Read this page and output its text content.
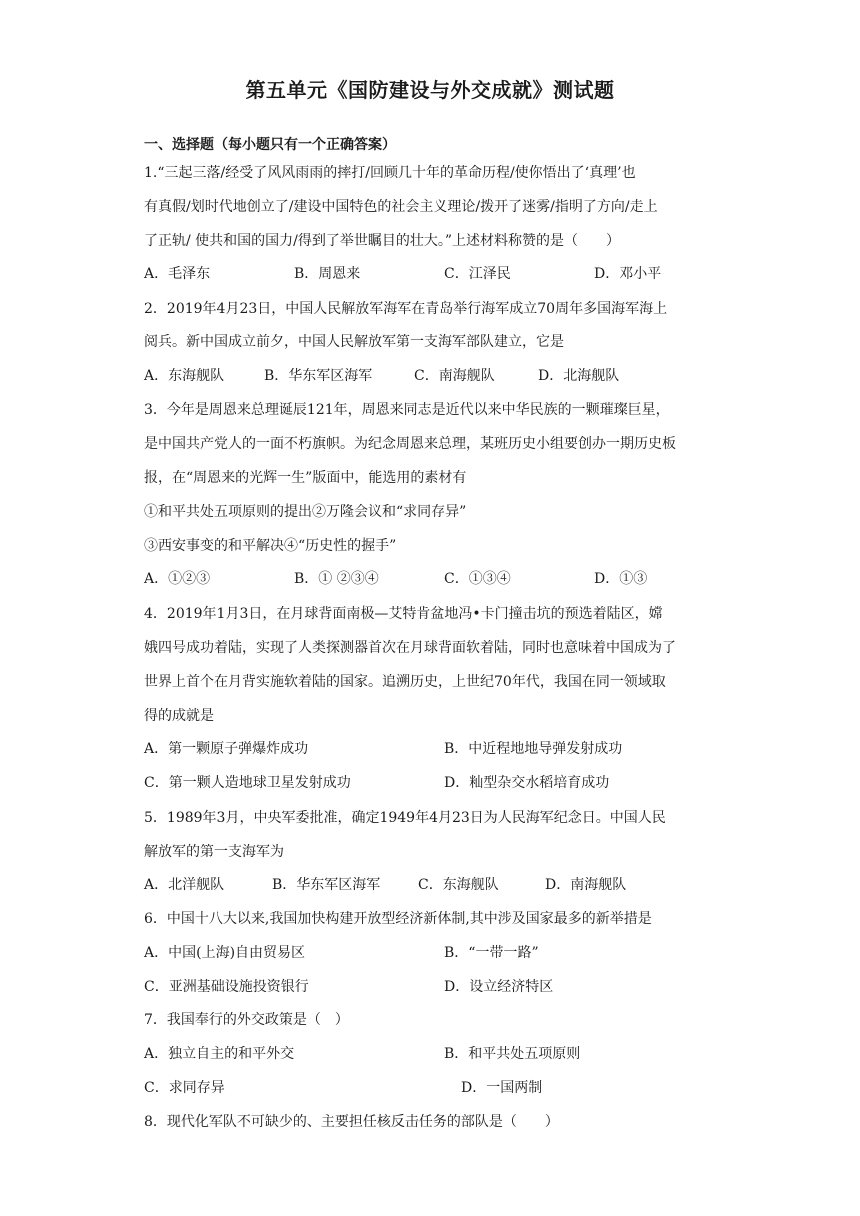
第五单元《国防建设与外交成就》测试题
一、选择题（每小题只有一个正确答案）
1.“三起三落/经受了风风雨雨的摔打/回顾几十年的革命历程/使你悟出了‘真理’也
有真假/划时代地创立了/建设中国特色的社会主义理论/拨开了迷雾/指明了方向/走上
了正轨/ 使共和国的国力/得到了举世瞩目的壮大。”上述材料称赞的是（　　）
A．毛泽东	B．周恩来	C．江泽民	D．邓小平
2．2019年4月23日，中国人民解放军海军在青岛举行海军成立70周年多国海军海上
阅兵。新中国成立前夕，中国人民解放军第一支海军部队建立，它是
A．东海舰队	B．华东军区海军	C．南海舰队	D．北海舰队
3．今年是周恩来总理诞辰121年，周恩来同志是近代以来中华民族的一颗璀璨巨星，
是中国共产党人的一面不朽旗帜。为纪念周恩来总理，某班历史小组要创办一期历史板
报，在“周恩来的光辉一生”版面中，能选用的素材有
①和平共处五项原则的提出②万隆会议和“求同存异”
③西安事变的和平解决④“历史性的握手”
A．①②③	B．① ②③④	C．①③④	D．①③
4．2019年1月3日，在月球背面南极—艾特肯盆地冯•卡门撞击坑的预选着陆区，嫦
娥四号成功着陆，实现了人类探测器首次在月球背面软着陆，同时也意味着中国成为了
世界上首个在月背实施软着陆的国家。追溯历史，上世纪70年代，我国在同一领域取
得的成就是
A．第一颗原子弹爆炸成功	B．中近程地地导弹发射成功
C．第一颗人造地球卫星发射成功	D．籼型杂交水稻培育成功
5．1989年3月，中央军委批准，确定1949年4月23日为人民海军纪念日。中国人民
解放军的第一支海军为
A．北洋舰队	B．华东军区海军	C．东海舰队	D．南海舰队
6．中国十八大以来,我国加快构建开放型经济新体制,其中涉及国家最多的新举措是
A．中国(上海)自由贸易区	B．“一带一路”
C．亚洲基础设施投资银行	D．设立经济特区
7．我国奉行的外交政策是（　）
A．独立自主的和平外交	B．和平共处五项原则
C．求同存异	D．一国两制
8．现代化军队不可缺少的、主要担任核反击任务的部队是（　　）
